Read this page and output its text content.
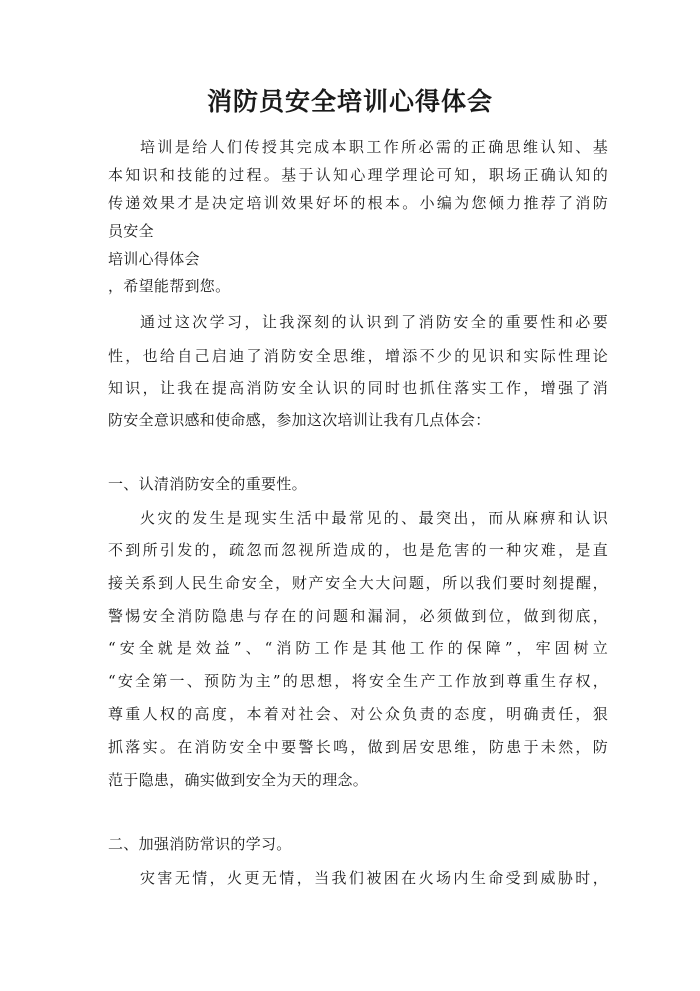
消防员安全培训心得体会

培训是给人们传授其完成本职工作所必需的正确思维认知、基

本知识和技能的过程。基于认知心理学理论可知，职场正确认知的

传递效果才是决定培训效果好坏的根本。小编为您倾力推荐了消防

员安全

培训心得体会

，希望能帮到您。

通过这次学习，让我深刻的认识到了消防安全的重要性和必要

性，也给自己启迪了消防安全思维，增添不少的见识和实际性理论

知识，让我在提高消防安全认识的同时也抓住落实工作，增强了消

防安全意识感和使命感，参加这次培训让我有几点体会：

一、认清消防安全的重要性。

火灾的发生是现实生活中最常见的、最突出，而从麻痹和认识

不到所引发的，疏忽而忽视所造成的，也是危害的一种灾难，是直

接关系到人民生命安全，财产安全大大问题，所以我们要时刻提醒，

警惕安全消防隐患与存在的问题和漏洞，必须做到位，做到彻底，

“安全就是效益”、“消防工作是其他工作的保障”，牢固树立

“安全第一、预防为主”的思想，将安全生产工作放到尊重生存权，

尊重人权的高度，本着对社会、对公众负责的态度，明确责任，狠

抓落实。在消防安全中要警长鸣，做到居安思维，防患于未然，防

范于隐患，确实做到安全为天的理念。

二、加强消防常识的学习。

灾害无情，火更无情，当我们被困在火场内生命受到威胁时，
